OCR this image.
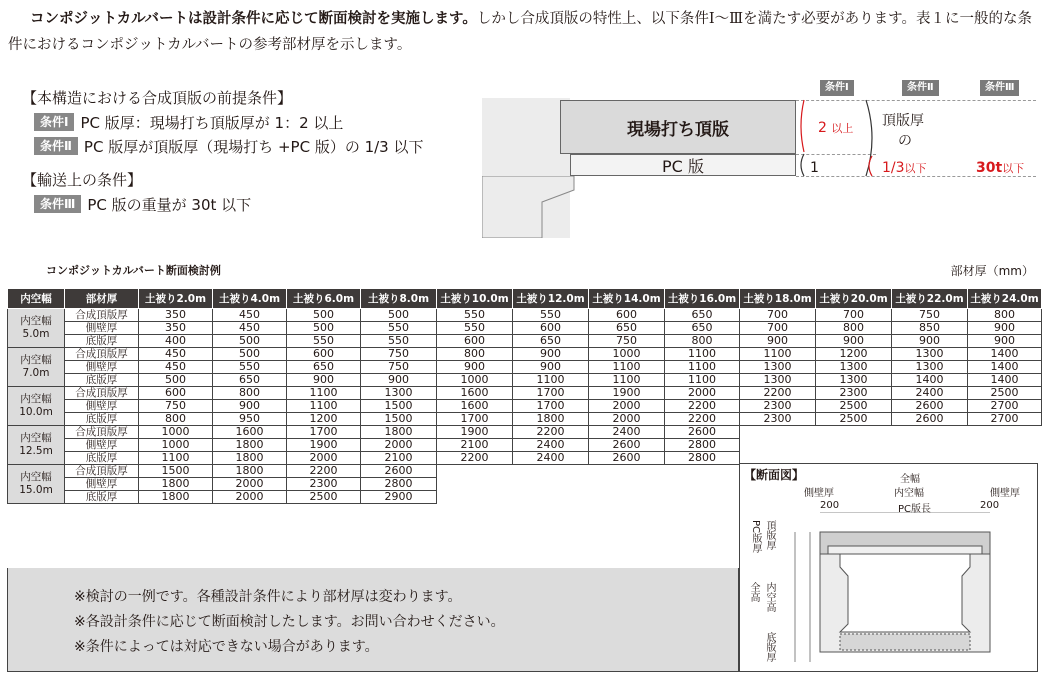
コンポジットカルバートは設計条件に応じて断面検討を実施します。しかし合成頂版の特性上、以下条件Ⅰ～Ⅲを満たす必要があります。表１に一般的な条件におけるコンポジットカルバートの参考部材厚を示します。
【本構造における合成頂版の前提条件】
条件Ⅰ PC 版厚：現場打ち頂版厚が 1：2 以上
条件Ⅱ PC 版厚が頂版厚（現場打ち +PC 版）の 1/3 以下
【輸送上の条件】
条件Ⅲ PC 版の重量が 30t 以下
条件Ⅰ	条件Ⅱ	条件Ⅲ
現場打ち頂版
PC 版
2 以上
1
頂版厚
の
1/3以下	30t以下
コンポジットカルバート断面検討例	部材厚（mm）
内空幅	部材厚	土被り2.0m	土被り4.0m	土被り6.0m	土被り8.0m	土被り10.0m	土被り12.0m	土被り14.0m	土被り16.0m	土被り18.0m	土被り20.0m	土被り22.0m	土被り24.0m
内空幅
5.0m	合成頂版厚	350	450	500	500	550	550	600	650	700	700	750	800
	側壁厚	350	450	500	550	550	600	650	650	700	800	850	900
	底版厚	400	500	550	550	600	650	750	800	900	900	900	900
内空幅
7.0m	合成頂版厚	450	500	600	750	800	900	1000	1100	1100	1200	1300	1400
	側壁厚	450	550	650	750	900	900	1100	1100	1300	1300	1300	1400
	底版厚	500	650	900	900	1000	1100	1100	1100	1300	1300	1400	1400
内空幅
10.0m	合成頂版厚	600	800	1100	1300	1600	1700	1900	2000	2200	2300	2400	2500
	側壁厚	750	900	1100	1500	1600	1700	2000	2200	2300	2500	2600	2700
	底版厚	800	950	1200	1500	1700	1800	2000	2200	2300	2500	2600	2700
内空幅
12.5m	合成頂版厚	1000	1600	1700	1800	1900	2200	2400	2600				
	側壁厚	1000	1800	1900	2000	2100	2400	2600	2800				
	底版厚	1100	1800	2000	2100	2200	2400	2600	2800				
内空幅
15.0m	合成頂版厚	1500	1800	2200	2600								
	側壁厚	1800	2000	2300	2800								
	底版厚	1800	2000	2500	2900								

※検討の一例です。各種設計条件により部材厚は変わります。

※各設計条件に応じて断面検討したします。お問い合わせください。

※条件によっては対応できない場合があります。

【断面図】	全幅
側壁厚	内空幅	側壁厚
200	PC版長	200
頂版厚
PC版厚
全高 内空高
底版厚
